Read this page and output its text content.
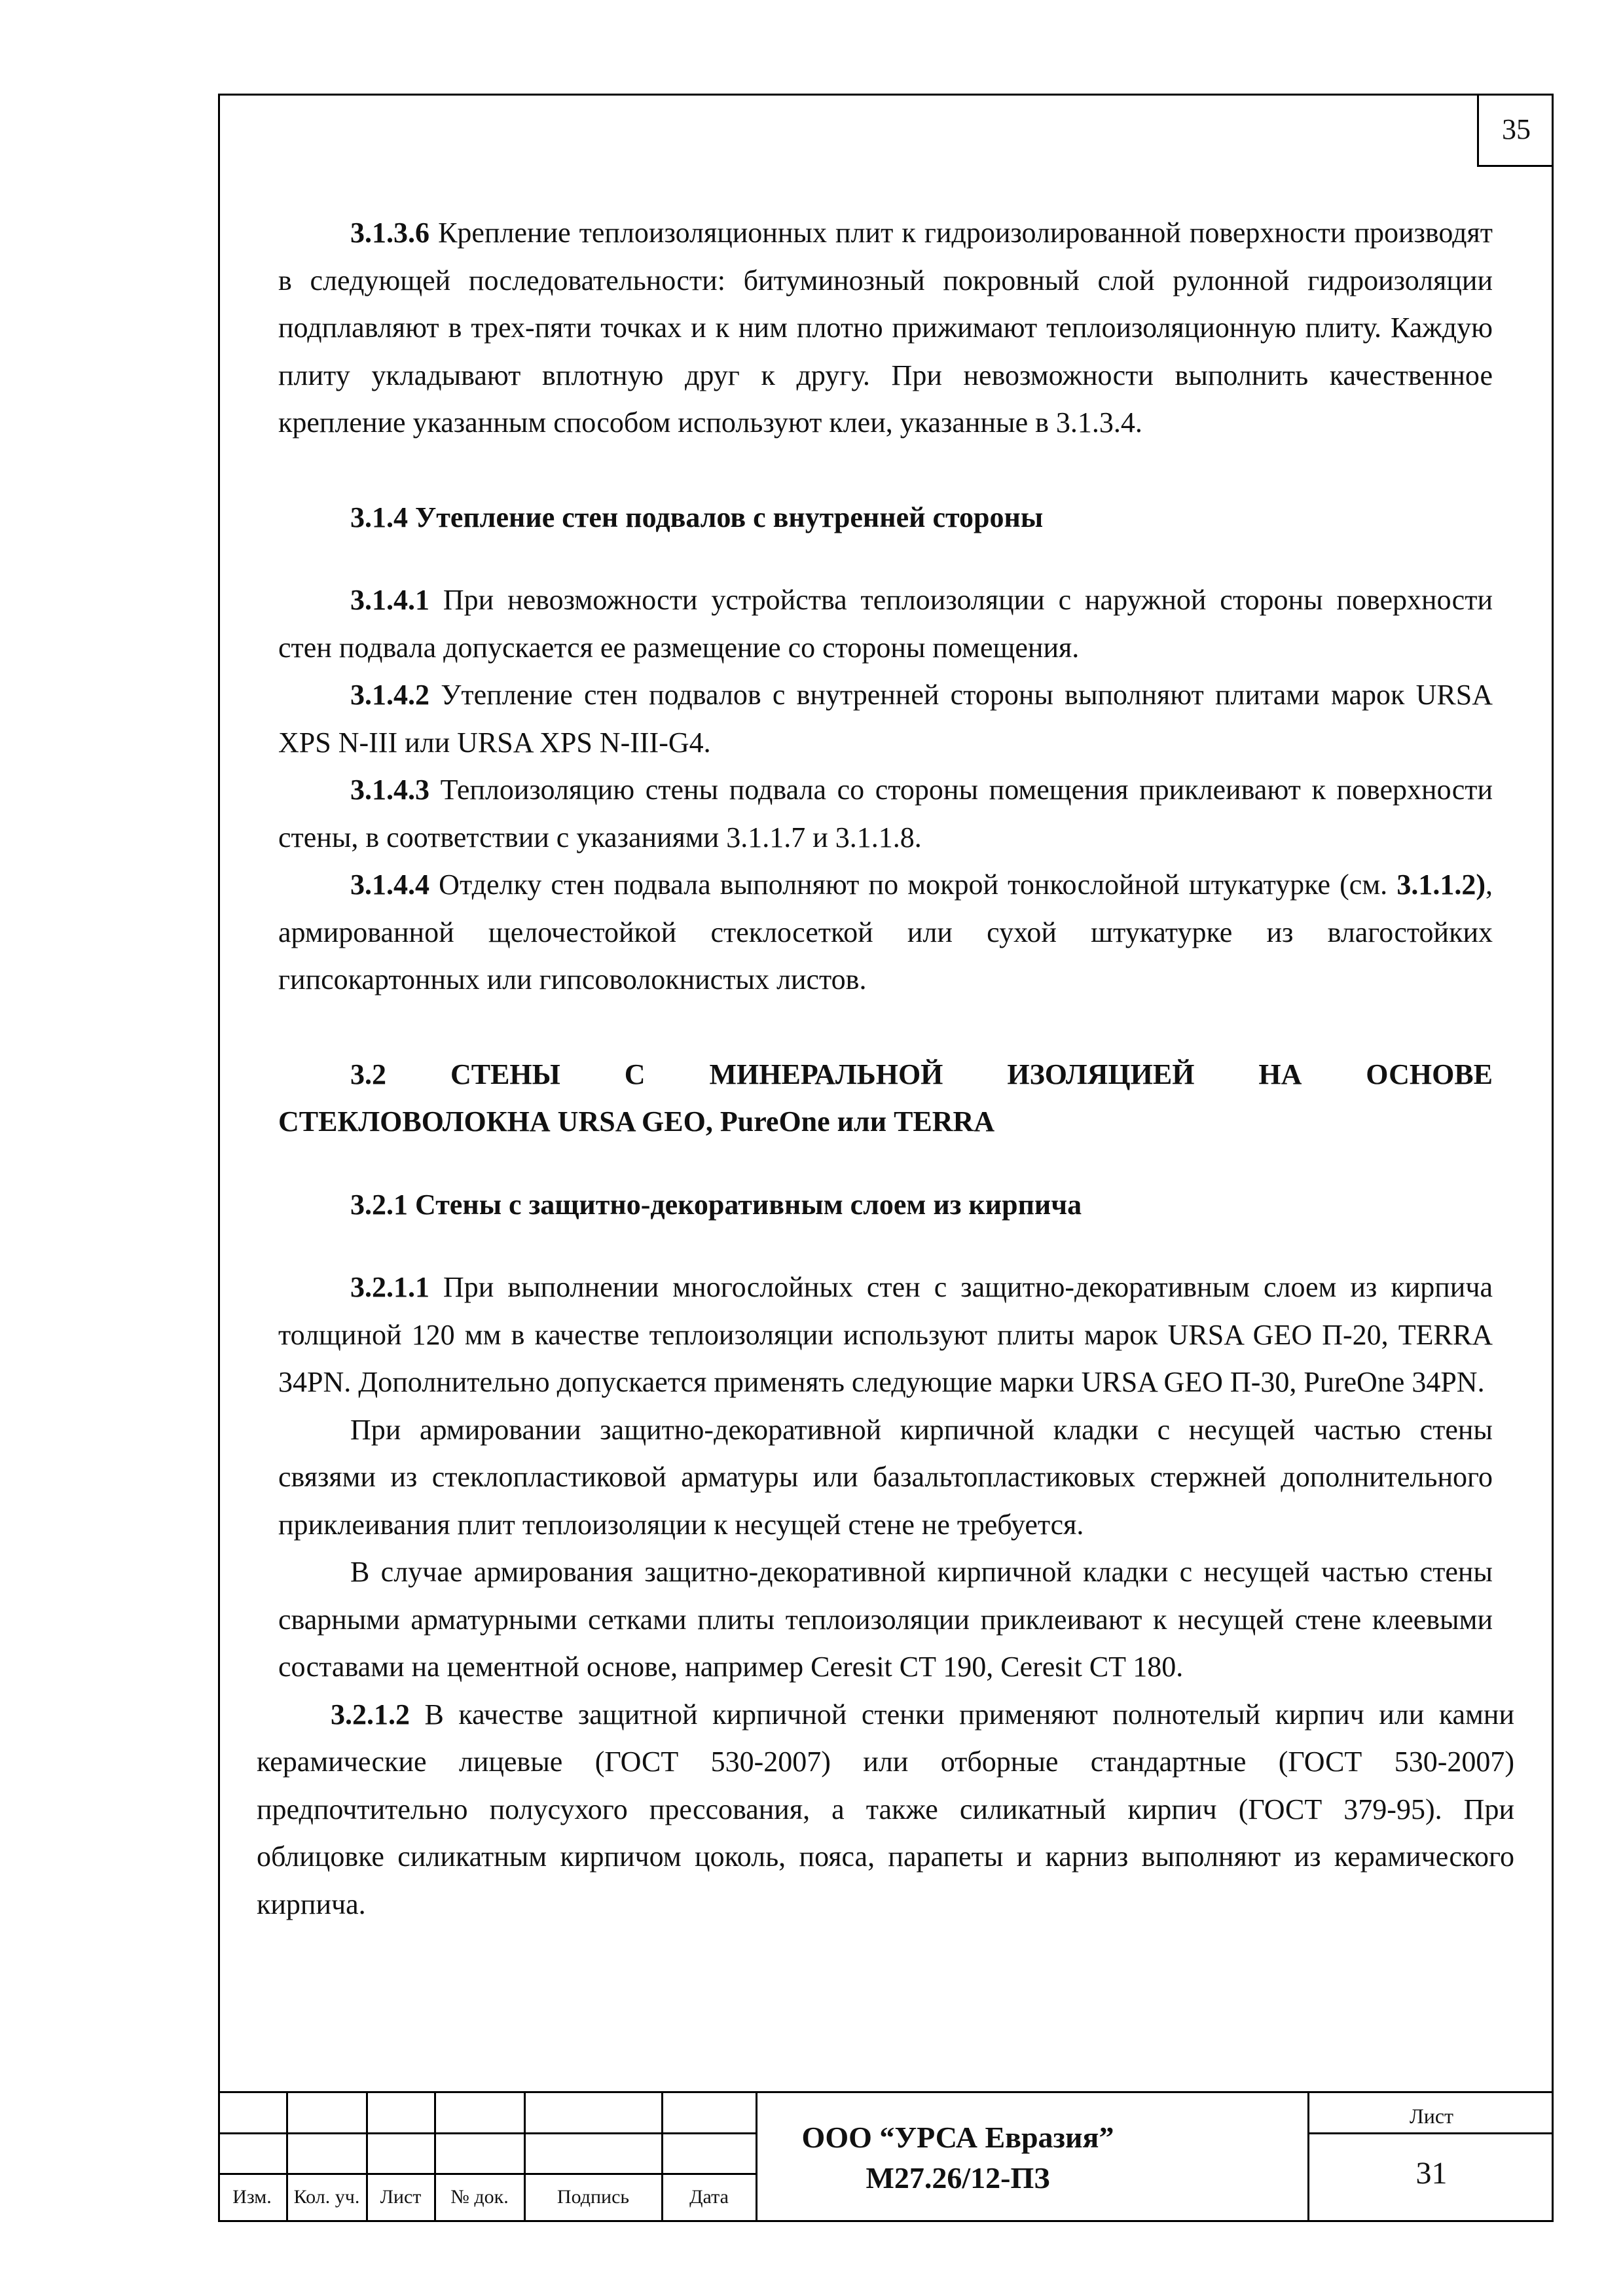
35

3.1.3.6 Крепление теплоизоляционных плит к гидроизолированной поверхности производят в следующей последовательности: битуминозный покровный слой рулонной гидроизоляции подплавляют в трех-пяти точках и к ним плотно прижимают теплоизоляционную плиту. Каждую плиту укладывают вплотную друг к другу. При невозможности выполнить качественное крепление указанным способом используют клеи, указанные в 3.1.3.4.

3.1.4 Утепление стен подвалов с внутренней стороны

3.1.4.1 При невозможности устройства теплоизоляции с наружной стороны поверхности стен подвала допускается ее размещение со стороны помещения.

3.1.4.2 Утепление стен подвалов с внутренней стороны выполняют плитами марок URSA XPS N-III или URSA XPS N-III-G4.

3.1.4.3 Теплоизоляцию стены подвала со стороны помещения приклеивают к поверхности стены, в соответствии с указаниями 3.1.1.7 и 3.1.1.8.

3.1.4.4 Отделку стен подвала выполняют по мокрой тонкослойной штукатурке (см. 3.1.1.2), армированной щелочестойкой стеклосеткой или сухой штукатурке из влагостойких гипсокартонных или гипсоволокнистых листов.

3.2 СТЕНЫ С МИНЕРАЛЬНОЙ ИЗОЛЯЦИЕЙ НА ОСНОВЕ
СТЕКЛОВОЛОКНА URSA GEO, PureOne или TERRA
3.2.1 Стены с защитно-декоративным слоем из кирпича

3.2.1.1 При выполнении многослойных стен с защитно-декоративным слоем из кирпича толщиной 120 мм в качестве теплоизоляции используют плиты марок URSA GEO П-20, TERRA 34PN. Дополнительно допускается применять следующие марки URSA GEO П-30, PureOne 34PN.

При армировании защитно-декоративной кирпичной кладки с несущей частью стены связями из стеклопластиковой арматуры или базальтопластиковых стержней дополнительного приклеивания плит теплоизоляции к несущей стене не требуется.

В случае армирования защитно-декоративной кирпичной кладки с несущей частью стены сварными арматурными сетками плиты теплоизоляции приклеивают к несущей стене клеевыми составами на цементной основе, например Ceresit CT 190, Ceresit CT 180.

3.2.1.2 В качестве защитной кирпичной стенки применяют полнотелый кирпич или камни керамические лицевые (ГОСТ 530-2007) или отборные стандартные (ГОСТ 530-2007) предпочтительно полусухого прессования, а также силикатный кирпич (ГОСТ 379-95). При облицовке силикатным кирпичом цоколь, пояса, парапеты и карниз выполняют из керамического кирпича.

Изм.	Кол. уч.	Лист	№ док.	Подпись	Дата
ООО “УРСА Евразия”
М27.26/12-ПЗ
Лист
31
